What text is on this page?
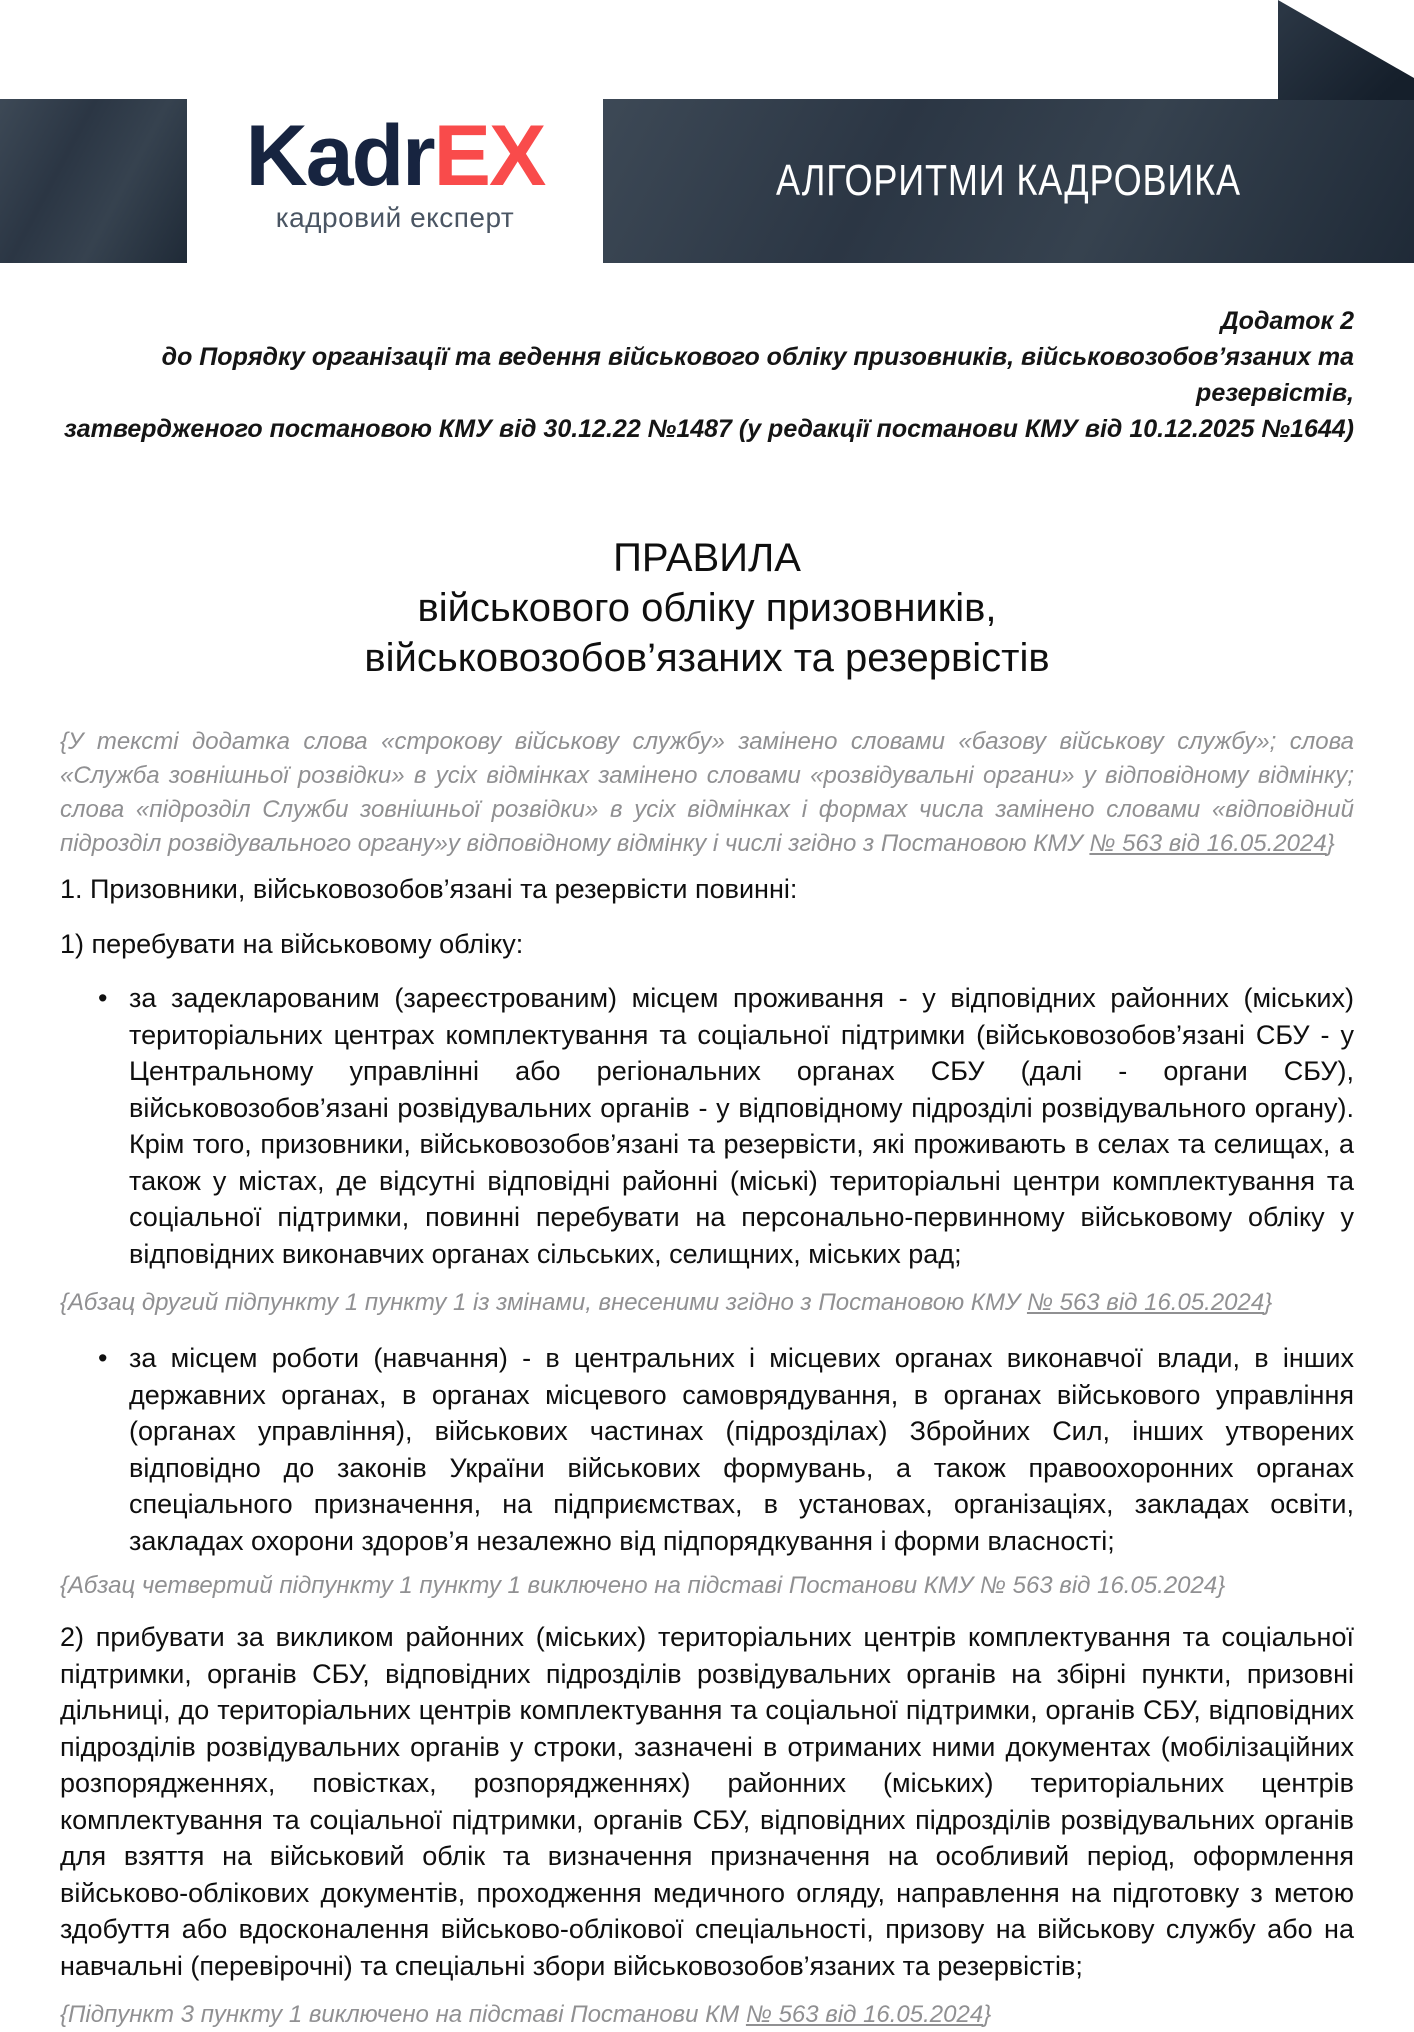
АЛГОРИТМИ КАДРОВИКА
KadrEX
кадровий експерт
Додаток 2
до Порядку організації та ведення військового обліку призовників, військовозобов’язаних та резервістів,
затвердженого постановою КМУ від 30.12.22 №1487 (у редакції постанови КМУ від 10.12.2025 №1644)
ПРАВИЛА
військового обліку призовників,
військовозобов’язаних та резервістів

{У тексті додатка слова «строкову військову службу» замінено словами «базову військову службу»; слова «Служба зовнішньої розвідки» в усіх відмінках замінено словами «розвідувальні органи» у відповідному відмінку; слова «підрозділ Служби зовнішньої розвідки» в усіх відмінках і формах числа замінено словами «відповідний підрозділ розвідувального органу»у відповідному відмінку і числі згідно з Постановою КМУ № 563 від 16.05.2024}

1. Призовники, військовозобов’язані та резервісти повинні:

1) перебувати на військовому обліку:

• за задекларованим (зареєстрованим) місцем проживання - у відповідних районних (міських) територіальних центрах комплектування та соціальної підтримки (військовозобов’язані СБУ - у Центральному управлінні або регіональних органах СБУ (далі - органи СБУ), військовозобов’язані розвідувальних органів - у відповідному підрозділі розвідувального органу). Крім того, призовники, військовозобов’язані та резервісти, які проживають в селах та селищах, а також у містах, де відсутні відповідні районні (міські) територіальні центри комплектування та соціальної підтримки, повинні перебувати на персонально-первинному військовому обліку у відповідних виконавчих органах сільських, селищних, міських рад;

{Абзац другий підпункту 1 пункту 1 із змінами, внесеними згідно з Постановою КМУ № 563 від 16.05.2024}

• за місцем роботи (навчання) - в центральних і місцевих органах виконавчої влади, в інших державних органах, в органах місцевого самоврядування, в органах військового управління (органах управління), військових частинах (підрозділах) Збройних Сил, інших утворених відповідно до законів України військових формувань, а також правоохоронних органах спеціального призначення, на підприємствах, в установах, організаціях, закладах освіти, закладах охорони здоров’я незалежно від підпорядкування і форми власності;

{Абзац четвертий підпункту 1 пункту 1 виключено на підставі Постанови КМУ № 563 від 16.05.2024}

2) прибувати за викликом районних (міських) територіальних центрів комплектування та соціальної підтримки, органів СБУ, відповідних підрозділів розвідувальних органів на збірні пункти, призовні дільниці, до територіальних центрів комплектування та соціальної підтримки, органів СБУ, відповідних підрозділів розвідувальних органів у строки, зазначені в отриманих ними документах (мобілізаційних розпорядженнях, повістках, розпорядженнях) районних (міських) територіальних центрів комплектування та соціальної підтримки, органів СБУ, відповідних підрозділів розвідувальних органів для взяття на військовий облік та визначення призначення на особливий період, оформлення військово-облікових документів, проходження медичного огляду, направлення на підготовку з метою здобуття або вдосконалення військово-облікової спеціальності, призову на військову службу або на навчальні (перевірочні) та спеціальні збори військовозобов’язаних та резервістів;

{Підпункт 3 пункту 1 виключено на підставі Постанови КМ № 563 від 16.05.2024}
